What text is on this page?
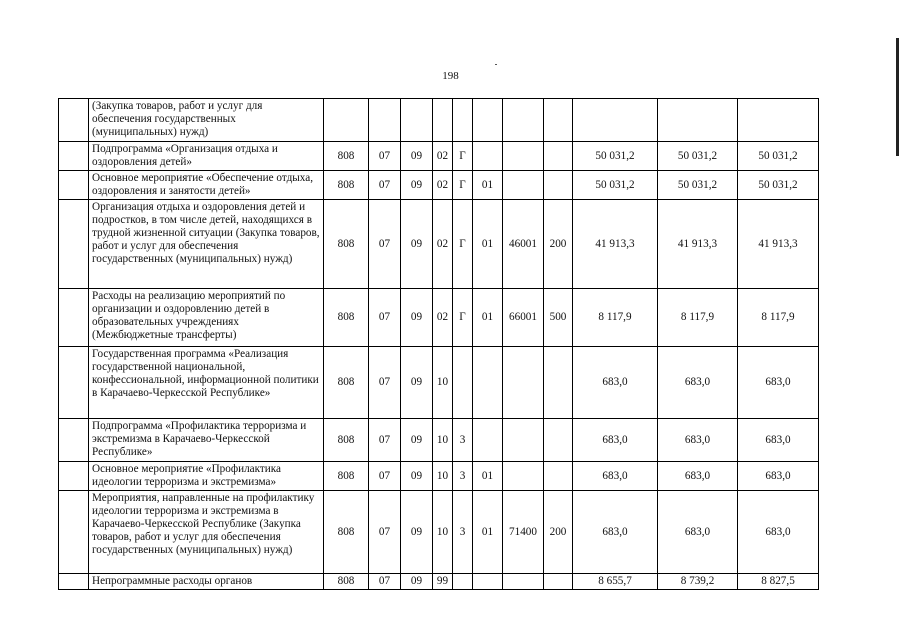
198
	(Закупка товаров, работ и услуг для обеспечения государственных (муниципальных) нужд)											
	Подпрограмма «Организация отдыха и оздоровления детей»	808	07	09	02	Г				50 031,2	50 031,2	50 031,2
	Основное мероприятие «Обеспечение отдыха, оздоровления и занятости детей»	808	07	09	02	Г	01			50 031,2	50 031,2	50 031,2
	Организация отдыха и оздоровления детей и подростков, в том числе детей, находящихся в трудной жизненной ситуации (Закупка товаров, работ и услуг для обеспечения государственных (муниципальных) нужд)	808	07	09	02	Г	01	46001	200	41 913,3	41 913,3	41 913,3
	Расходы на реализацию мероприятий по организации и оздоровлению детей в образовательных учреждениях (Межбюджетные трансферты)	808	07	09	02	Г	01	66001	500	8 117,9	8 117,9	8 117,9
	Государственная программа «Реализация государственной национальной, конфессиональной, информационной политики в Карачаево-Черкесской Республике»	808	07	09	10					683,0	683,0	683,0
	Подпрограмма «Профилактика терроризма и экстремизма в Карачаево-Черкесской Республике»	808	07	09	10	3				683,0	683,0	683,0
	Основное мероприятие «Профилактика идеологии терроризма и экстремизма»	808	07	09	10	3	01			683,0	683,0	683,0
	Мероприятия, направленные на профилактику идеологии терроризма и экстремизма в Карачаево-Черкесской Республике (Закупка товаров, работ и услуг для обеспечения государственных (муниципальных) нужд)	808	07	09	10	3	01	71400	200	683,0	683,0	683,0
	Непрограммные расходы органов	808	07	09	99					8 655,7	8 739,2	8 827,5
